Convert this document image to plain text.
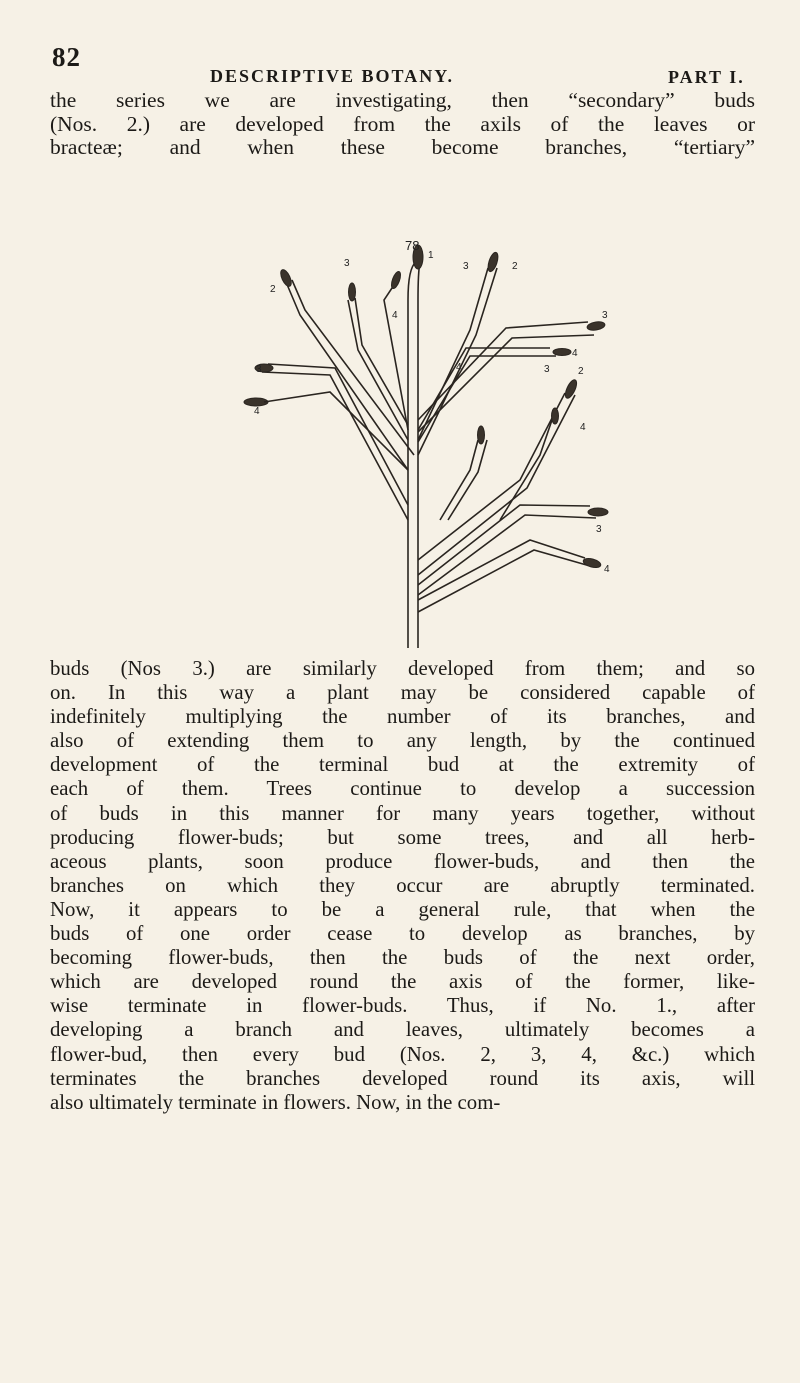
82
DESCRIPTIVE BOTANY.	PART I.
the series we are investigating, then “secondary” buds
(Nos. 2.) are developed from the axils of the leaves or
bracteæ; and when these become branches, “tertiary”
78
1
3
2
4
3	2
3
4
3
4
4	3	2
4
3
4
buds (Nos 3.) are similarly developed from them; and so
on. In this way a plant may be considered capable of
indefinitely multiplying the number of its branches, and
also of extending them to any length, by the continued
development of the terminal bud at the extremity of
each of them. Trees continue to develop a succession
of buds in this manner for many years together, without
producing flower-buds; but some trees, and all herb-
aceous plants, soon produce flower-buds, and then the
branches on which they occur are abruptly terminated.
Now, it appears to be a general rule, that when the
buds of one order cease to develop as branches, by
becoming flower-buds, then the buds of the next order,
which are developed round the axis of the former, like-
wise terminate in flower-buds. Thus, if No. 1., after
developing a branch and leaves, ultimately becomes a
flower-bud, then every bud (Nos. 2, 3, 4, &c.) which
terminates the branches developed round its axis, will
also ultimately terminate in flowers. Now, in the com-
